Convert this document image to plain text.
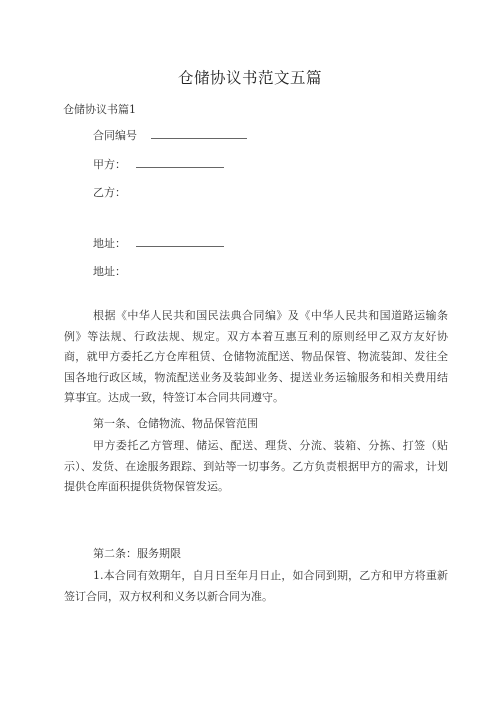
仓储协议书范文五篇
仓储协议书篇1
合同编号
甲方：
乙方：
地址：
地址：

根据《中华人民共和国民法典合同编》及《中华人民共和国道路运输条例》等法规、行政法规、规定。双方本着互惠互利的原则经甲乙双方友好协商，就甲方委托乙方仓库租赁、仓储物流配送、物品保管、物流装卸、发往全国各地行政区域，物流配送业务及装卸业务、提送业务运输服务和相关费用结算事宜。达成一致，特签订本合同共同遵守。

第一条、仓储物流、物品保管范围

甲方委托乙方管理、储运、配送、理货、分流、装箱、分拣、打签（贴示）、发货、在途服务跟踪、到站等一切事务。乙方负责根据甲方的需求，计划提供仓库面积提供货物保管发运。

第二条：服务期限

1.本合同有效期年，自月日至年月日止，如合同到期，乙方和甲方将重新签订合同，双方权利和义务以新合同为准。
